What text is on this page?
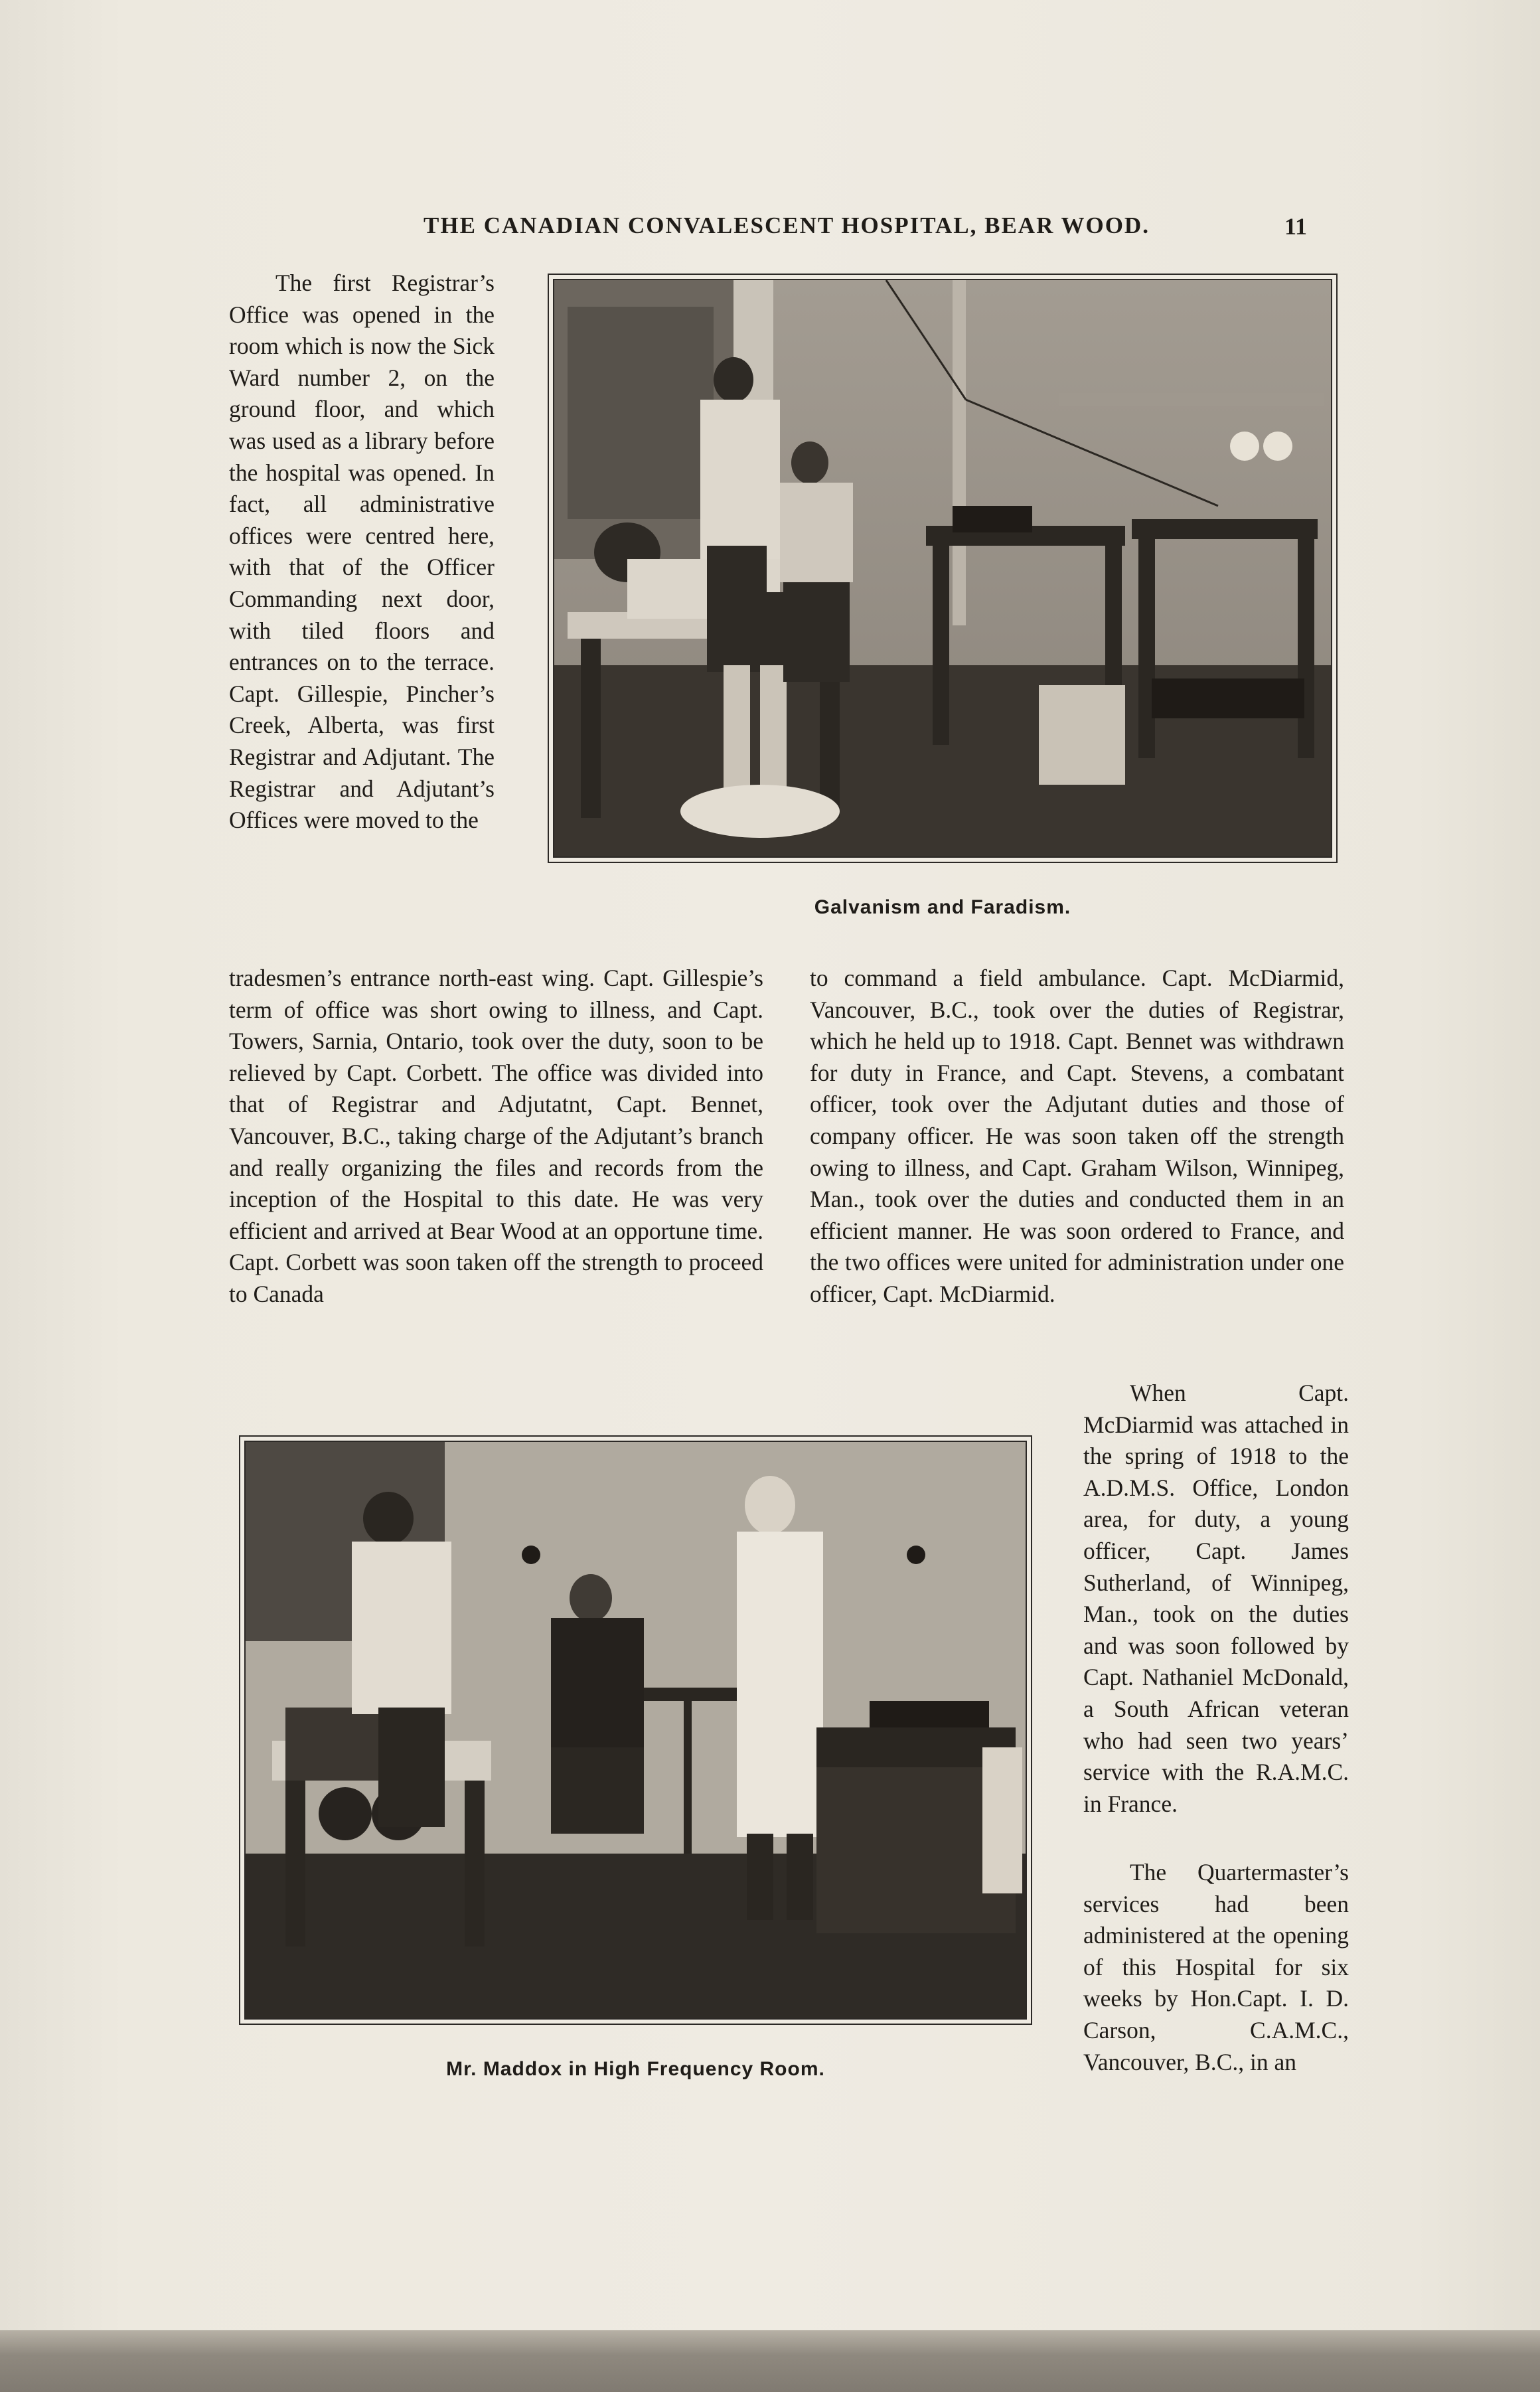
THE CANADIAN CONVALESCENT HOSPITAL, BEAR WOOD.	11

The first Registrar’s Office was opened in the room which is now the Sick Ward number 2, on the ground floor, and which was used as a library before the hospital was opened. In fact, all administrative offices were centred here, with that of the Officer Commanding next door, with tiled floors and entrances on to the terrace. Capt. Gillespie, Pincher’s Creek, Alberta, was first Registrar and Adjutant. The Registrar and Adjutant’s Offices were moved to the

Galvanism and Faradism.

tradesmen’s entrance north-east wing. Capt. Gillespie’s term of office was short owing to illness, and Capt. Towers, Sarnia, Ontario, took over the duty, soon to be relieved by Capt. Corbett. The office was divided into that of Registrar and Adjutatnt, Capt. Bennet, Vancouver, B.C., taking charge of the Adjutant’s branch and really organizing the files and records from the inception of the Hospital to this date. He was very efficient and arrived at Bear Wood at an opportune time. Capt. Corbett was soon taken off the strength to proceed to Canada

to command a field ambulance. Capt. McDiarmid, Vancouver, B.C., took over the duties of Registrar, which he held up to 1918. Capt. Bennet was withdrawn for duty in France, and Capt. Stevens, a combatant officer, took over the Adjutant duties and those of company officer. He was soon taken off the strength owing to illness, and Capt. Graham Wilson, Winnipeg, Man., took over the duties and conducted them in an efficient manner. He was soon ordered to France, and the two offices were united for administration under one officer, Capt. McDiarmid.

Mr. Maddox in High Frequency Room.

When Capt. McDiarmid was attached in the spring of 1918 to the A.D.M.S. Office, London area, for duty, a young officer, Capt. James Sutherland, of Winnipeg, Man., took on the duties and was soon followed by Capt. Nathaniel McDonald, a South African veteran who had seen two years’ service with the R.A.M.C. in France.

The Quartermaster’s services had been administered at the opening of this Hospital for six weeks by Hon.Capt. I. D. Carson, C.A.M.C., Vancouver, B.C., in an
